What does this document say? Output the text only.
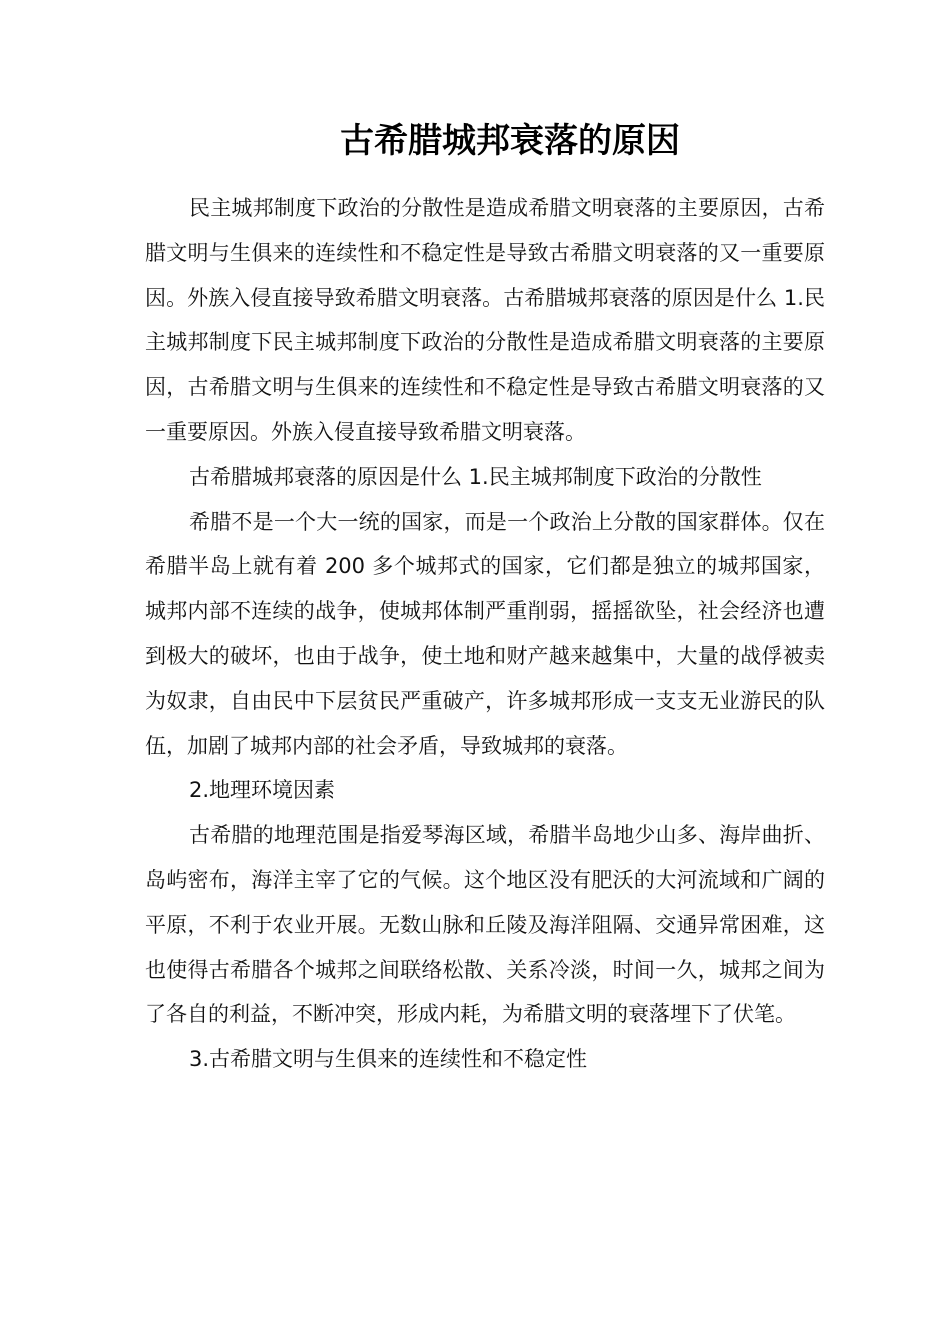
古希腊城邦衰落的原因

民主城邦制度下政治的分散性是造成希腊文明衰落的主要原因，古希腊文明与生俱来的连续性和不稳定性是导致古希腊文明衰落的又一重要原因。外族入侵直接导致希腊文明衰落。古希腊城邦衰落的原因是什么 1.民主城邦制度下民主城邦制度下政治的分散性是造成希腊文明衰落的主要原因，古希腊文明与生俱来的连续性和不稳定性是导致古希腊文明衰落的又一重要原因。外族入侵直接导致希腊文明衰落。

古希腊城邦衰落的原因是什么 1.民主城邦制度下政治的分散性

希腊不是一个大一统的国家，而是一个政治上分散的国家群体。仅在希腊半岛上就有着 200 多个城邦式的国家，它们都是独立的城邦国家，城邦内部不连续的战争，使城邦体制严重削弱，摇摇欲坠，社会经济也遭到极大的破坏，也由于战争，使土地和财产越来越集中，大量的战俘被卖为奴隶，自由民中下层贫民严重破产，许多城邦形成一支支无业游民的队伍，加剧了城邦内部的社会矛盾，导致城邦的衰落。

2.地理环境因素

古希腊的地理范围是指爱琴海区域，希腊半岛地少山多、海岸曲折、岛屿密布，海洋主宰了它的气候。这个地区没有肥沃的大河流域和广阔的平原，不利于农业开展。无数山脉和丘陵及海洋阻隔、交通异常困难，这也使得古希腊各个城邦之间联络松散、关系冷淡，时间一久，城邦之间为了各自的利益，不断冲突，形成内耗，为希腊文明的衰落埋下了伏笔。

3.古希腊文明与生俱来的连续性和不稳定性
